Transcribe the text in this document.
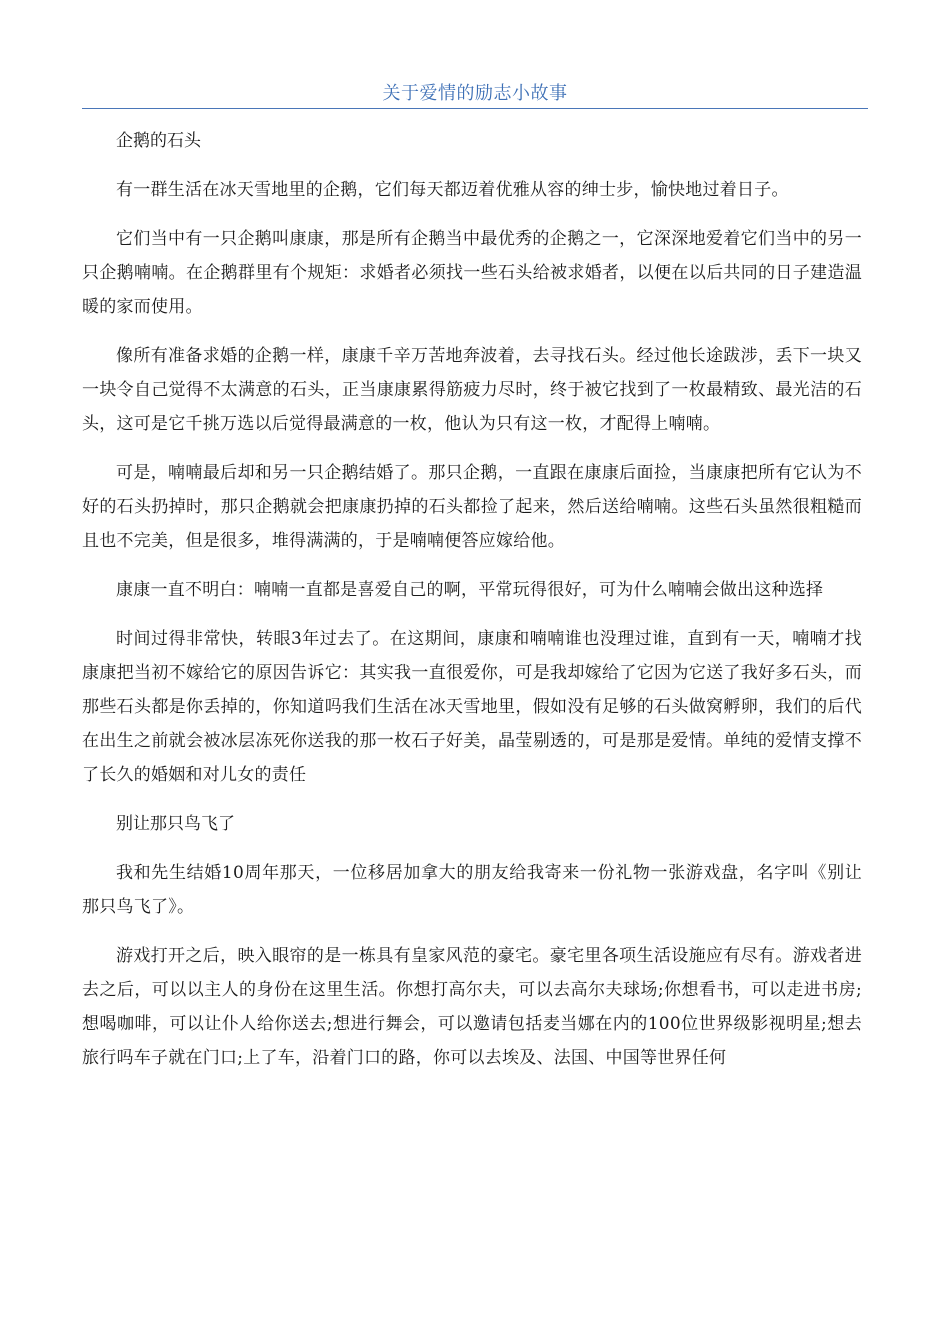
关于爱情的励志小故事

企鹅的石头

有一群生活在冰天雪地里的企鹅，它们每天都迈着优雅从容的绅士步，愉快地过着日子。

它们当中有一只企鹅叫康康，那是所有企鹅当中最优秀的企鹅之一，它深深地爱着它们当中的另一只企鹅喃喃。在企鹅群里有个规矩：求婚者必须找一些石头给被求婚者，以便在以后共同的日子建造温暖的家而使用。

像所有准备求婚的企鹅一样，康康千辛万苦地奔波着，去寻找石头。经过他长途跋涉，丢下一块又一块令自己觉得不太满意的石头，正当康康累得筋疲力尽时，终于被它找到了一枚最精致、最光洁的石头，这可是它千挑万选以后觉得最满意的一枚，他认为只有这一枚，才配得上喃喃。

可是，喃喃最后却和另一只企鹅结婚了。那只企鹅，一直跟在康康后面捡，当康康把所有它认为不好的石头扔掉时，那只企鹅就会把康康扔掉的石头都捡了起来，然后送给喃喃。这些石头虽然很粗糙而且也不完美，但是很多，堆得满满的，于是喃喃便答应嫁给他。

康康一直不明白：喃喃一直都是喜爱自己的啊，平常玩得很好，可为什么喃喃会做出这种选择

时间过得非常快，转眼3年过去了。在这期间，康康和喃喃谁也没理过谁，直到有一天，喃喃才找康康把当初不嫁给它的原因告诉它：其实我一直很爱你，可是我却嫁给了它因为它送了我好多石头，而那些石头都是你丢掉的，你知道吗我们生活在冰天雪地里，假如没有足够的石头做窝孵卵，我们的后代在出生之前就会被冰层冻死你送我的那一枚石子好美，晶莹剔透的，可是那是爱情。单纯的爱情支撑不了长久的婚姻和对儿女的责任

别让那只鸟飞了

我和先生结婚10周年那天，一位移居加拿大的朋友给我寄来一份礼物一张游戏盘，名字叫《别让那只鸟飞了》。

游戏打开之后，映入眼帘的是一栋具有皇家风范的豪宅。豪宅里各项生活设施应有尽有。游戏者进去之后，可以以主人的身份在这里生活。你想打高尔夫，可以去高尔夫球场;你想看书，可以走进书房;想喝咖啡，可以让仆人给你送去;想进行舞会，可以邀请包括麦当娜在内的100位世界级影视明星;想去旅行吗车子就在门口;上了车，沿着门口的路，你可以去埃及、法国、中国等世界任何
